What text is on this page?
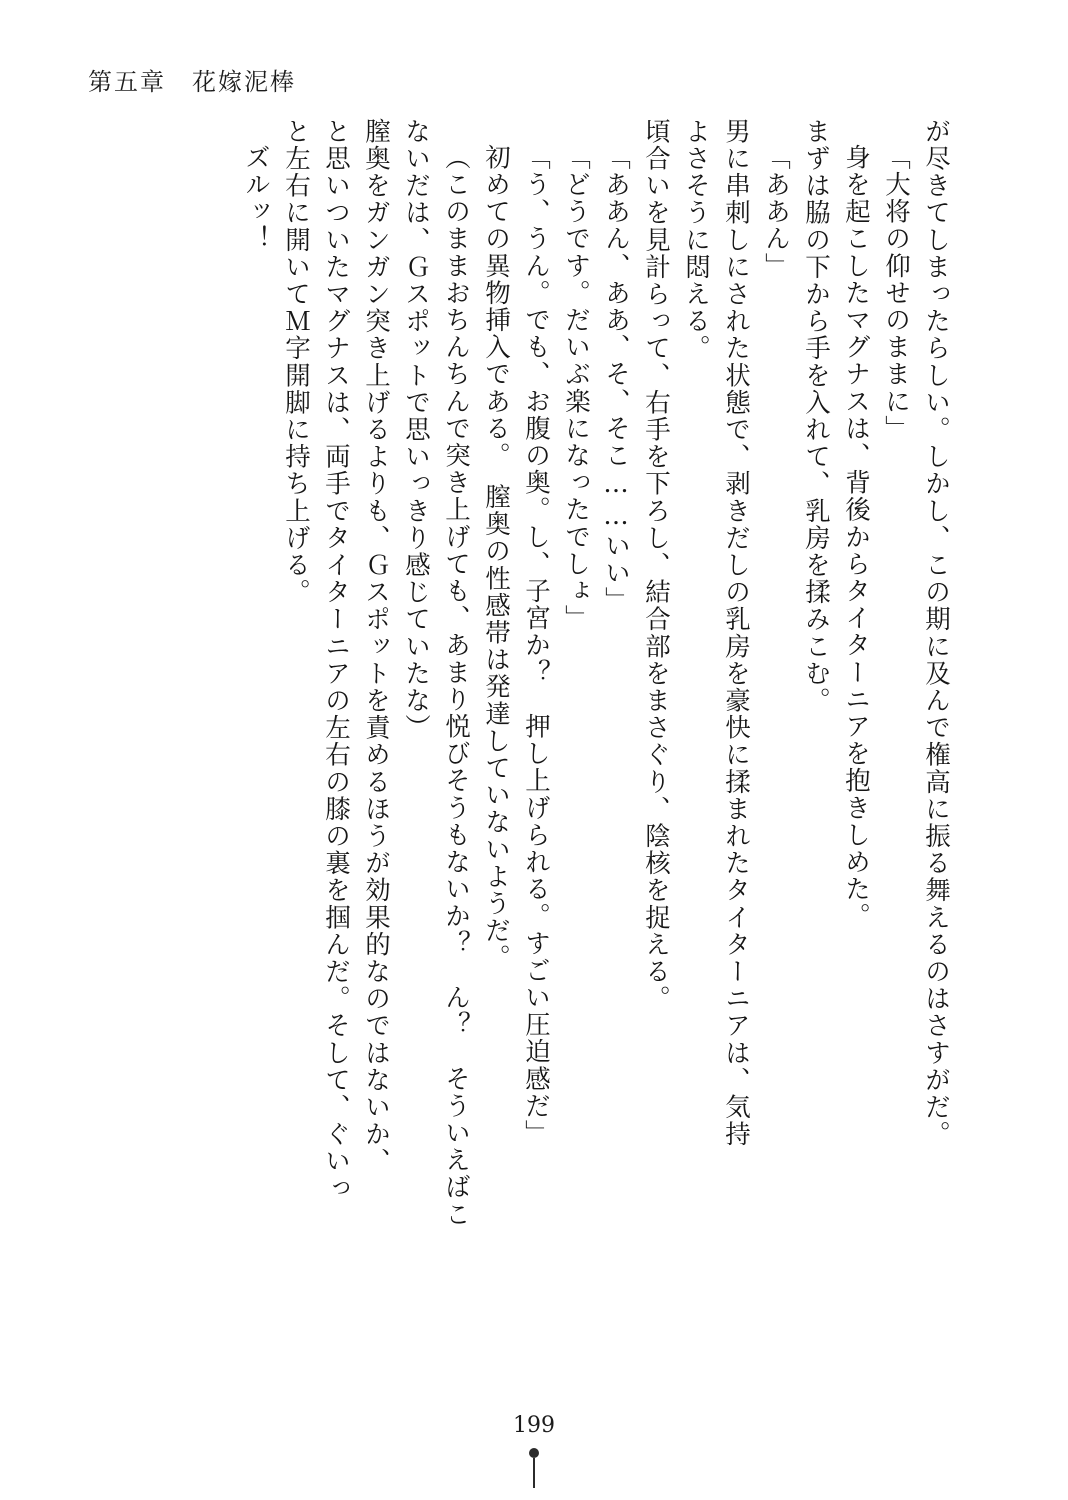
第五章　花嫁泥棒
が尽きてしまったらしい。しかし、この期に及んで権高に振る舞えるのはさすがだ。
「大将の仰せのままに」
身を起こしたマグナスは、背後からタイターニアを抱きしめた。
まずは脇の下から手を入れて、乳房を揉みこむ。
「ああん」
男に串刺しにされた状態で、剥きだしの乳房を豪快に揉まれたタイターニアは、気持
よさそうに悶える。
頃合いを見計らって、右手を下ろし、結合部をまさぐり、陰核を捉える。
「ああん、ああ、そ、そこ……いい」
「どうです。だいぶ楽になったでしょ」
「う、うん。でも、お腹の奥。し、子宮か？　押し上げられる。すごい圧迫感だ」
初めての異物挿入である。　膣奥の性感帯は発達していないようだ。
（このままおちんちんで突き上げても、あまり悦びそうもないか？　ん？　そういえばこ
ないだは、Ｇスポットで思いっきり感じていたな）
膣奥をガンガン突き上げるよりも、Ｇスポットを責めるほうが効果的なのではないか、
と思いついたマグナスは、両手でタイターニアの左右の膝の裏を掴んだ。そして、ぐいっ
と左右に開いてＭ字開脚に持ち上げる。
ズルッ！
199
